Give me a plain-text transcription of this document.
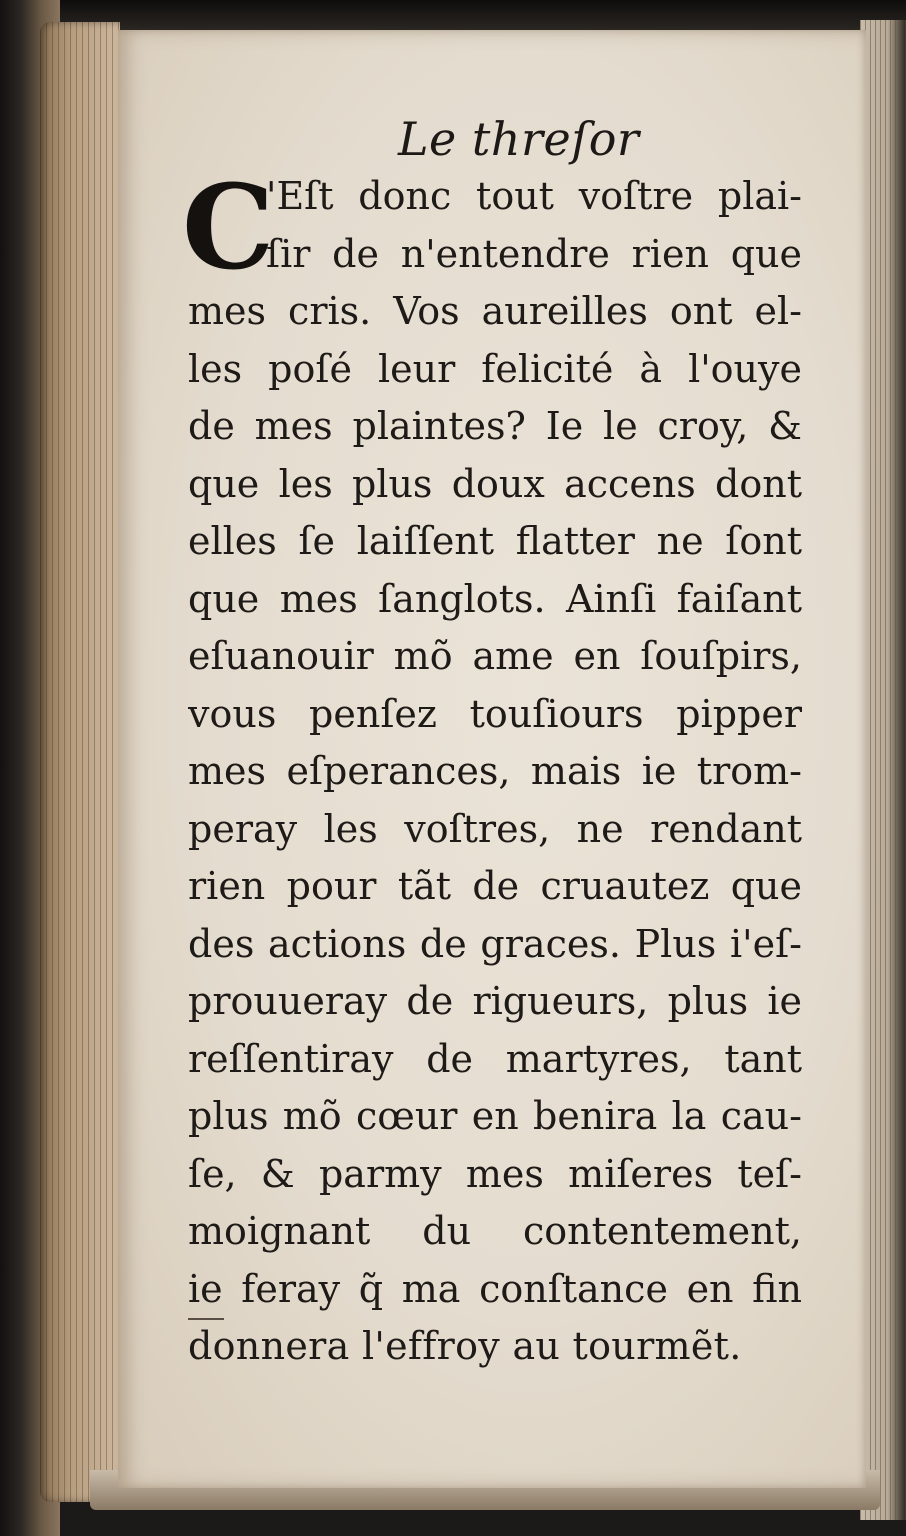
Le threſor
C
'Eſt donc tout voſtre plai-
ſir de n'entendre rien que
mes cris. Vos aureilles ont el-
les poſé leur felicité à l'ouye
de mes plaintes? Ie le croy, &
que les plus doux accens dont
elles ſe laiſſent flatter ne ſont
que mes ſanglots. Ainſi faiſant
eſuanouir mõ ame en ſouſpirs,
vous penſez touſiours pipper
mes eſperances, mais ie trom-
peray les voſtres, ne rendant
rien pour tãt de cruautez que
des actions de graces. Plus i'eſ-
prouueray de rigueurs, plus ie
reſſentiray de martyres, tant
plus mõ cœur en benira la cau-
ſe, & parmy mes miſeres teſ-
moignant du contentement,
ie feray q̃ ma conſtance en fin
donnera l'effroy au tourmẽt.
